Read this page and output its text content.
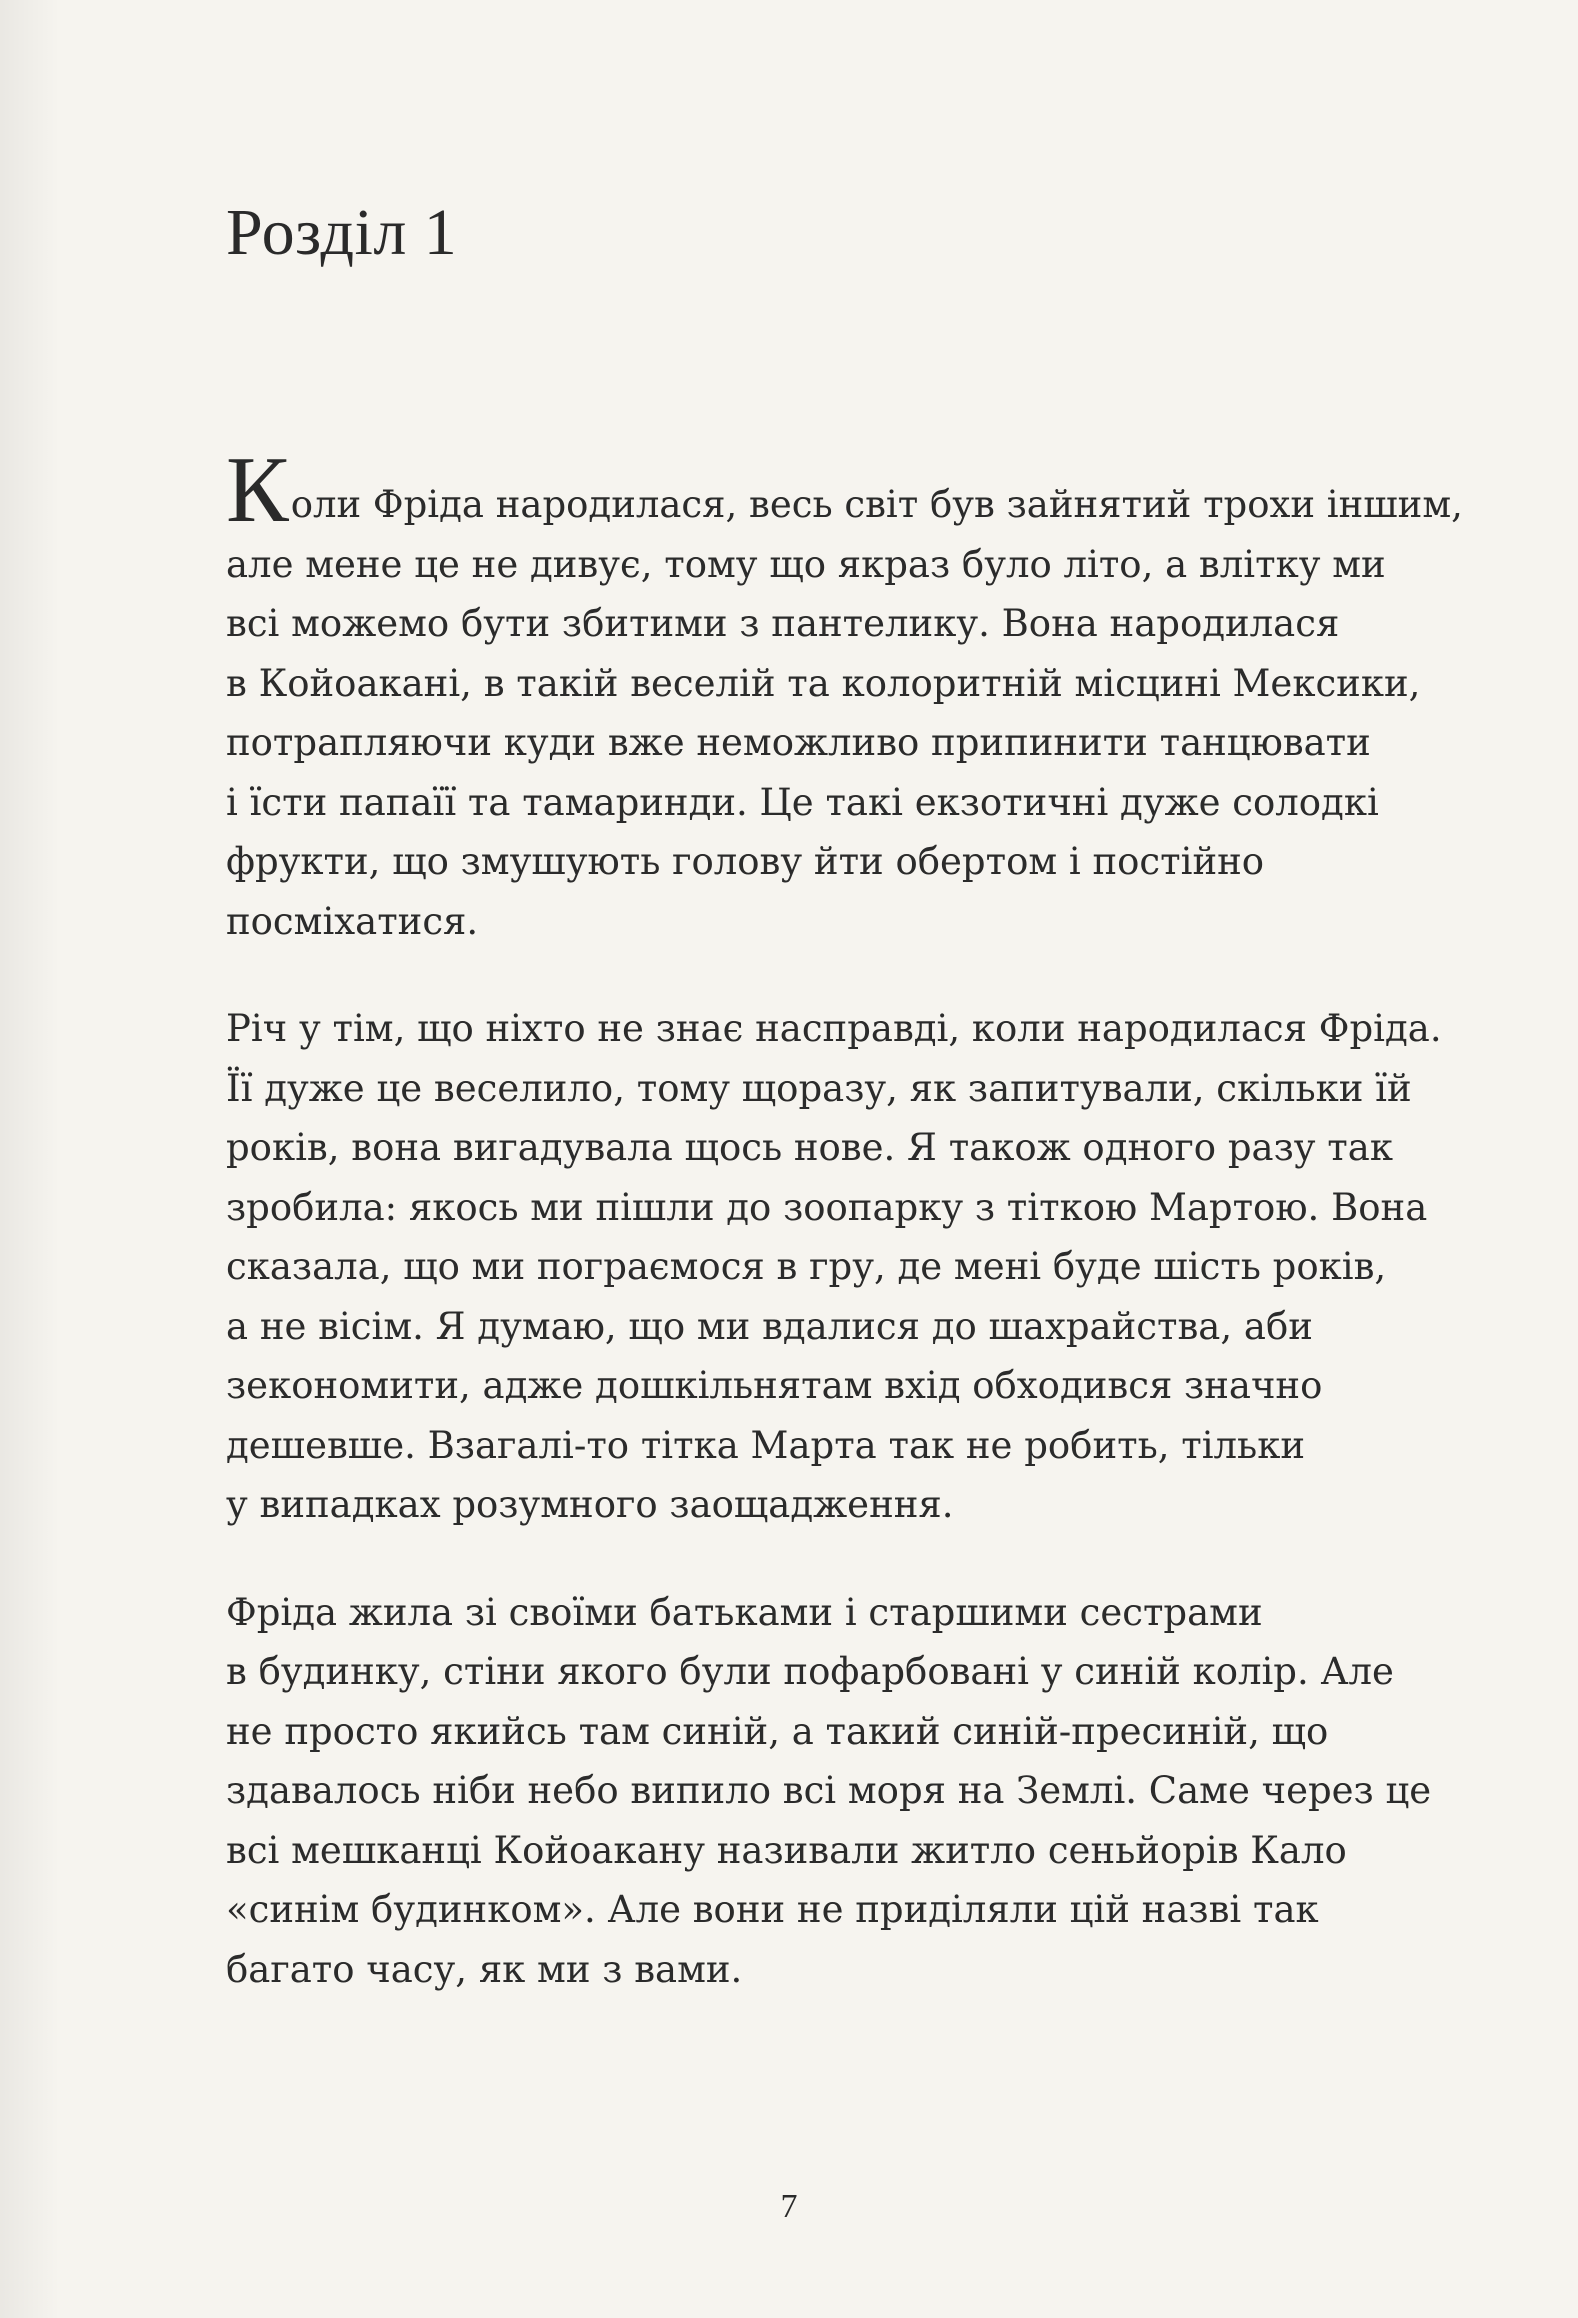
Розділ 1

Коли Фріда народилася, весь світ був зайнятий трохи іншим,
але мене це не дивує, тому що якраз було літо, а влітку ми
всі можемо бути збитими з пантелику. Вона народилася
в Койоакані, в такій веселій та колоритній місцині Мексики,
потрапляючи куди вже неможливо припинити танцювати
і їсти папаїї та тамаринди. Це такі екзотичні дуже солодкі
фрукти, що змушують голову йти обертом і постійно
посміхатися.

Річ у тім, що ніхто не знає насправді, коли народилася Фріда.
Її дуже це веселило, тому щоразу, як запитували, скільки їй
років, вона вигадувала щось нове. Я також одного разу так
зробила: якось ми пішли до зоопарку з тіткою Мартою. Вона
сказала, що ми пограємося в гру, де мені буде шість років,
а не вісім. Я думаю, що ми вдалися до шахрайства, аби
зекономити, адже дошкільнятам вхід обходився значно
дешевше. Взагалі-то тітка Марта так не робить, тільки
у випадках розумного заощадження.

Фріда жила зі своїми батьками і старшими сестрами
в будинку, стіни якого були пофарбовані у синій колір. Але
не просто якийсь там синій, а такий синій-пресиній, що
здавалось ніби небо випило всі моря на Землі. Саме через це
всі мешканці Койоакану називали житло сеньйорів Кало
«синім будинком». Але вони не приділяли цій назві так
багато часу, як ми з вами.

7
